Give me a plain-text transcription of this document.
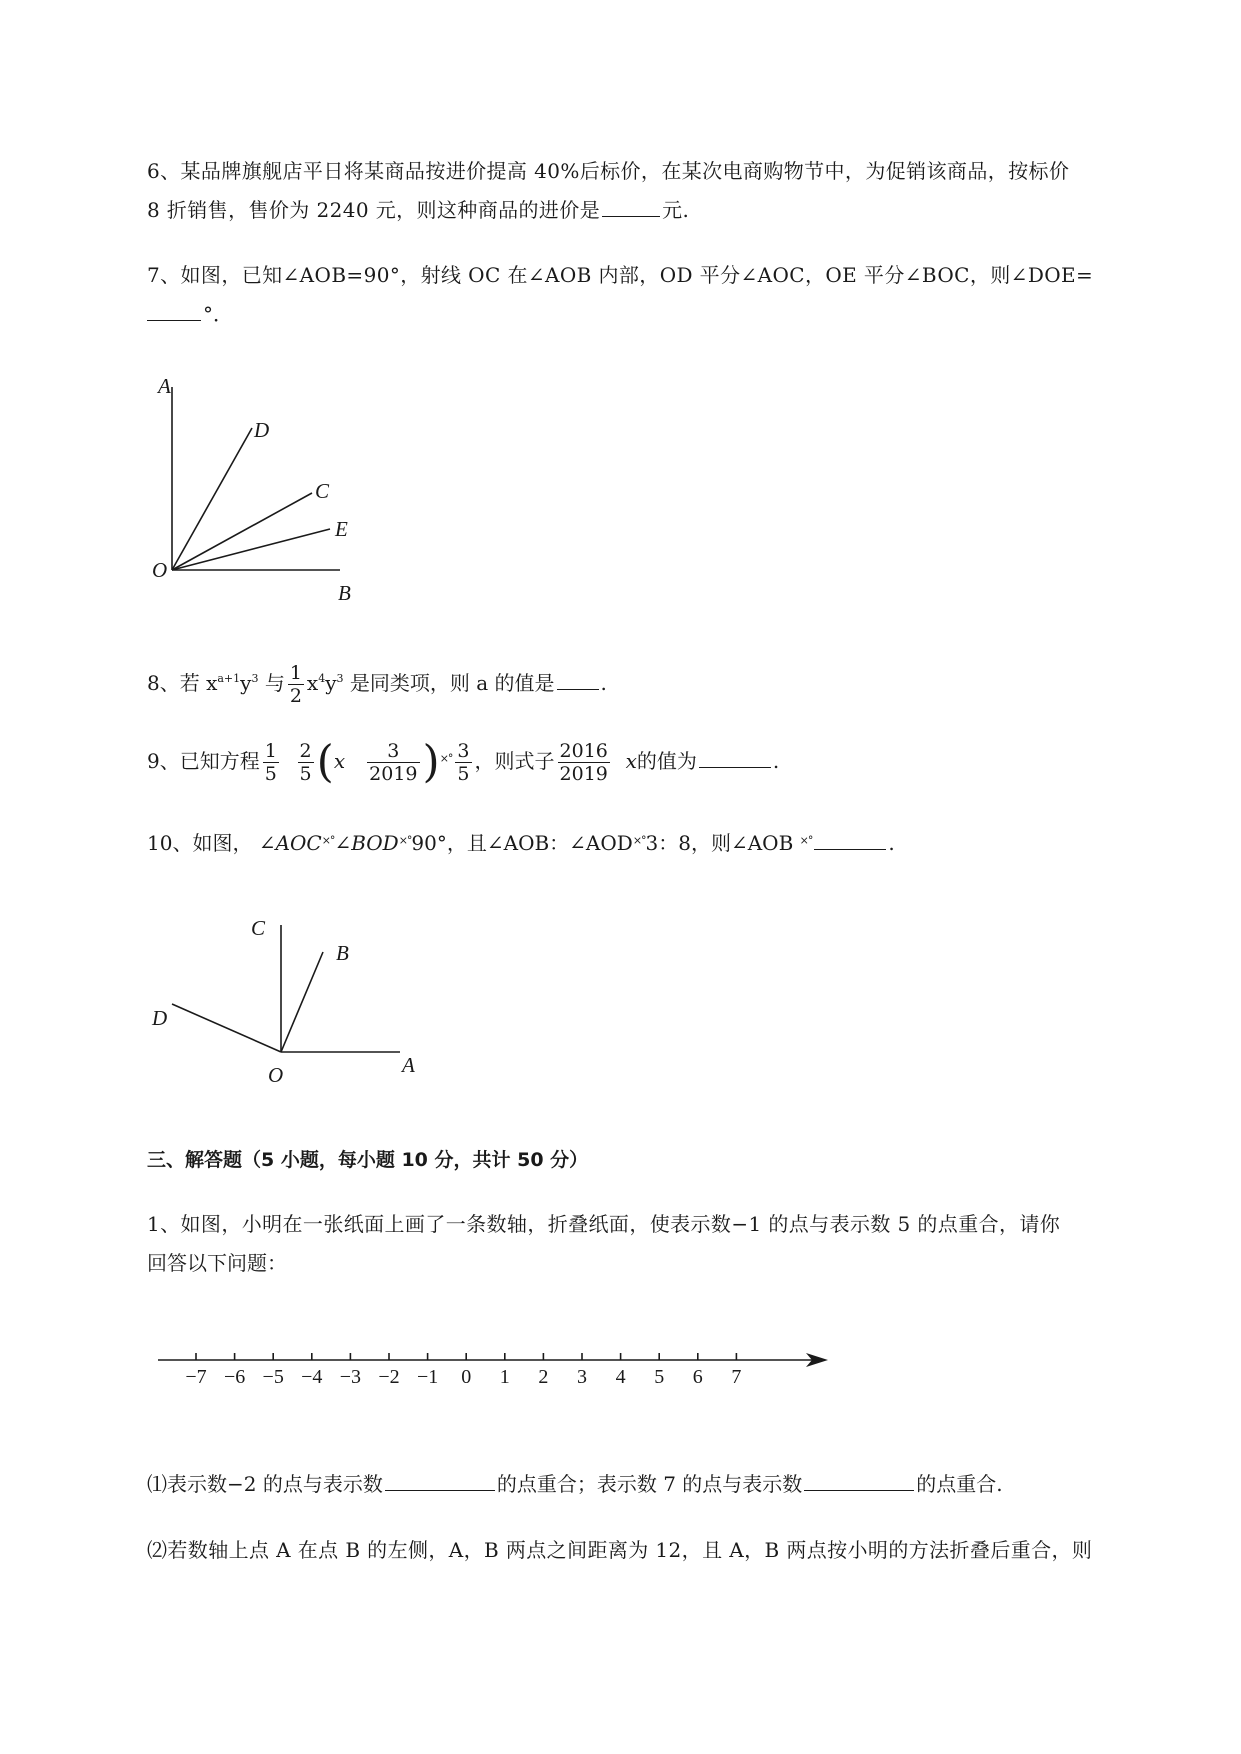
6、某品牌旗舰店平日将某商品按进价提高 40%后标价，在某次电商购物节中，为促销该商品，按标价
8 折销售，售价为 2240 元，则这种商品的进价是	元.
7、如图，已知∠AOB=90°，射线 OC 在∠AOB 内部，OD 平分∠AOC，OE 平分∠BOC，则∠DOE=
°．
A
D
C
E
O
B
8、若 $x^{a+1}y^3$ 与 $\frac{1}{2} x^4y^3$ 是同类项，则 a 的值是 .
9、已知方程 $\frac{1}{5}$
$\frac{2}{5} (x \frac{3}{2019} )^{\times^\circ} \frac{3}{5}$ ，则式子 $\frac{2016}{2019}$ x的值为	.
10、如图， ∠AOC×°∠BOD×°90°，且∠AOB：∠AOD×°3：8，则∠AOB ×°	.
C
B
D
O	A
三、解答题（5 小题，每小题 10 分，共计 50 分）
1、如图，小明在一张纸面上画了一条数轴，折叠纸面，使表示数−1 的点与表示数 5 的点重合，请你
回答以下问题：
−7 −6 −5 −4 −3 −2 −1 0 1 2 3 4 5 6 7
⑴表示数−2 的点与表示数	的点重合；表示数 7 的点与表示数	的点重合.
⑵若数轴上点 A 在点 B 的左侧，A，B 两点之间距离为 12，且 A，B 两点按小明的方法折叠后重合，则
